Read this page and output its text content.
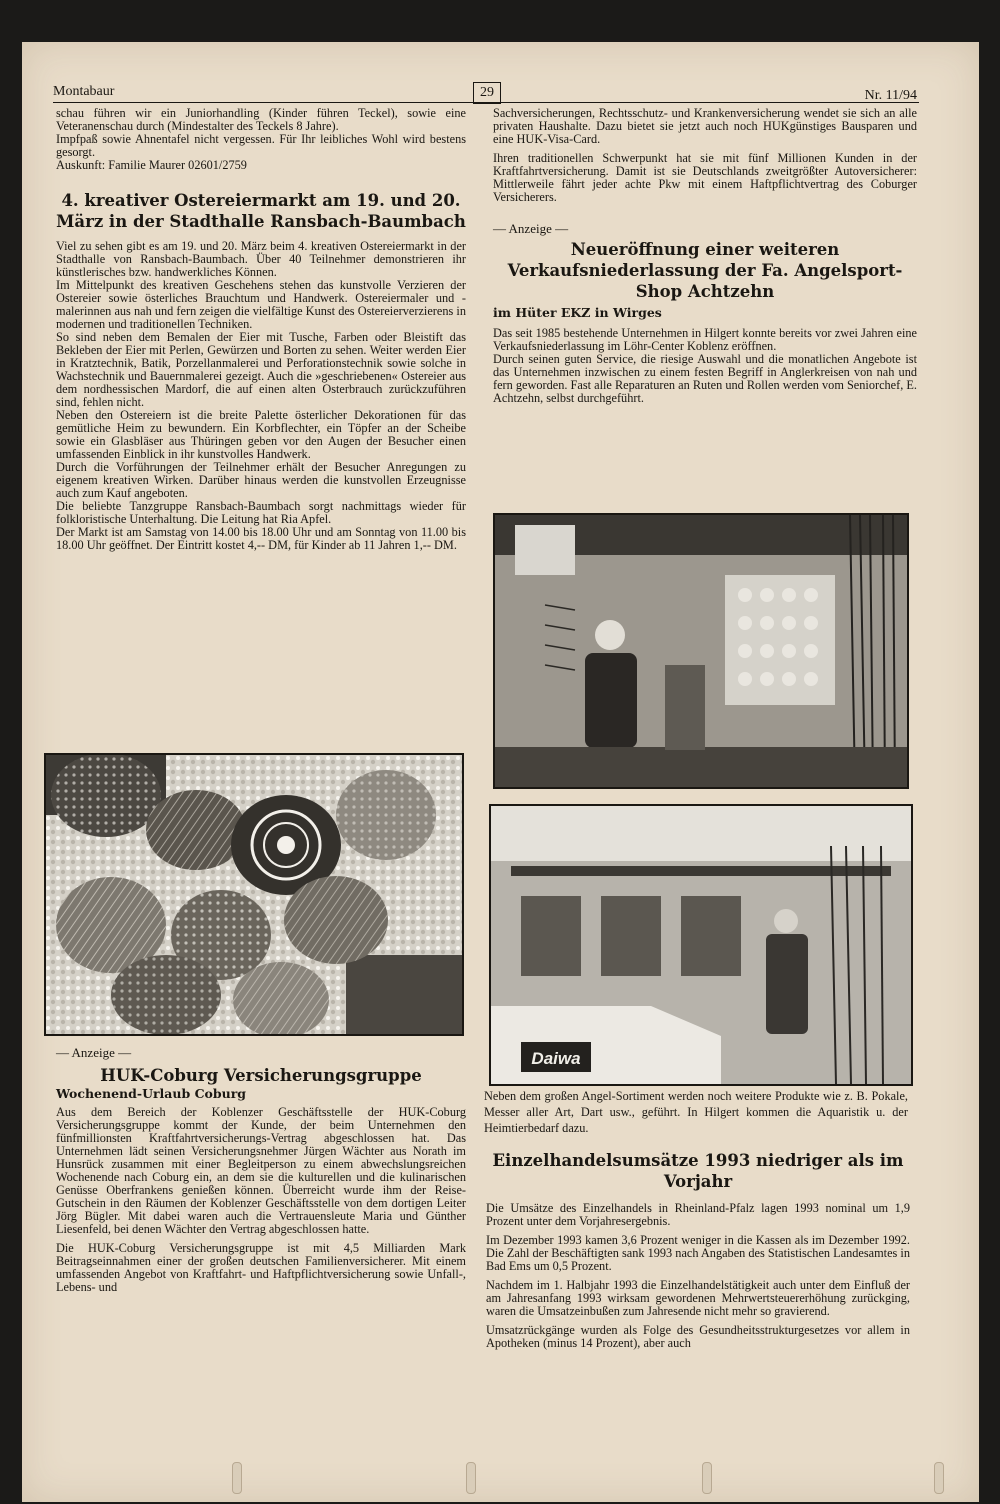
Montabaur	29	Nr. 11/94

schau führen wir ein Juniorhandling (Kinder führen Teckel), sowie eine Veteranenschau durch (Mindestalter des Teckels 8 Jahre).

Impfpaß sowie Ahnentafel nicht vergessen. Für Ihr leibliches Wohl wird bestens gesorgt.

Auskunft: Familie Maurer 02601/2759

4. kreativer Ostereiermarkt am 19. und 20. März in der Stadthalle Ransbach-Baumbach

Viel zu sehen gibt es am 19. und 20. März beim 4. kreativen Ostereiermarkt in der Stadthalle von Ransbach-Baumbach. Über 40 Teilnehmer demonstrieren ihr künstlerisches bzw. handwerkliches Können.

Im Mittelpunkt des kreativen Geschehens stehen das kunstvolle Verzieren der Ostereier sowie österliches Brauchtum und Handwerk. Ostereiermaler und -malerinnen aus nah und fern zeigen die vielfältige Kunst des Ostereierverzierens in modernen und traditionellen Techniken.

So sind neben dem Bemalen der Eier mit Tusche, Farben oder Bleistift das Bekleben der Eier mit Perlen, Gewürzen und Borten zu sehen. Weiter werden Eier in Kratztechnik, Batik, Porzellanmalerei und Perforationstechnik sowie solche in Wachstechnik und Bauernmalerei gezeigt. Auch die »geschriebenen« Ostereier aus dem nordhessischen Mardorf, die auf einen alten Osterbrauch zurückzuführen sind, fehlen nicht.

Neben den Ostereiern ist die breite Palette österlicher Dekorationen für das gemütliche Heim zu bewundern. Ein Korbflechter, ein Töpfer an der Scheibe sowie ein Glasbläser aus Thüringen geben vor den Augen der Besucher einen umfassenden Einblick in ihr kunstvolles Handwerk.

Durch die Vorführungen der Teilnehmer erhält der Besucher Anregungen zu eigenem kreativen Wirken. Darüber hinaus werden die kunstvollen Erzeugnisse auch zum Kauf angeboten.

Die beliebte Tanzgruppe Ransbach-Baumbach sorgt nachmittags wieder für folkloristische Unterhaltung. Die Leitung hat Ria Apfel.

Der Markt ist am Samstag von 14.00 bis 18.00 Uhr und am Sonntag von 11.00 bis 18.00 Uhr geöffnet. Der Eintritt kostet 4,-- DM, für Kinder ab 11 Jahren 1,-- DM.

— Anzeige —

HUK-Coburg Versicherungsgruppe

Wochenend-Urlaub Coburg

Aus dem Bereich der Koblenzer Geschäftsstelle der HUK-Coburg Versicherungsgruppe kommt der Kunde, der beim Unternehmen den fünfmillionsten Kraftfahrtversicherungs-Vertrag abgeschlossen hat. Das Unternehmen lädt seinen Versicherungsnehmer Jürgen Wächter aus Norath im Hunsrück zusammen mit einer Begleitperson zu einem abwechslungsreichen Wochenende nach Coburg ein, an dem sie die kulturellen und die kulinarischen Genüsse Oberfrankens genießen können. Überreicht wurde ihm der Reise-Gutschein in den Räumen der Koblenzer Geschäftsstelle von dem dortigen Leiter Jörg Bügler. Mit dabei waren auch die Vertrauensleute Maria und Günther Liesenfeld, bei denen Wächter den Vertrag abgeschlossen hatte.

Die HUK-Coburg Versicherungsgruppe ist mit 4,5 Milliarden Mark Beitragseinnahmen einer der großen deutschen Familienversicherer. Mit einem umfassenden Angebot von Kraftfahrt- und Haftpflichtversicherung sowie Unfall-, Lebens- und

Sachversicherungen, Rechtsschutz- und Krankenversicherung wendet sie sich an alle privaten Haushalte. Dazu bietet sie jetzt auch noch HUKgünstiges Bausparen und eine HUK-Visa-Card.

Ihren traditionellen Schwerpunkt hat sie mit fünf Millionen Kunden in der Kraftfahrtversicherung. Damit ist sie Deutschlands zweitgrößter Autoversicherer: Mittlerweile fährt jeder achte Pkw mit einem Haftpflichtvertrag des Coburger Versicherers.

— Anzeige —

Neueröffnung einer weiteren Verkaufsniederlassung der Fa. Angelsport-Shop Achtzehn

im Hüter EKZ in Wirges

Das seit 1985 bestehende Unternehmen in Hilgert konnte bereits vor zwei Jahren eine Verkaufsniederlassung im Löhr-Center Koblenz eröffnen.

Durch seinen guten Service, die riesige Auswahl und die monatlichen Angebote ist das Unternehmen inzwischen zu einem festen Begriff in Anglerkreisen von nah und fern geworden. Fast alle Reparaturen an Ruten und Rollen werden vom Seniorchef, E. Achtzehn, selbst durchgeführt.

Daiwa
Neben dem großen Angel-Sortiment werden noch weitere Produkte wie z. B. Pokale, Messer aller Art, Dart usw., geführt. In Hilgert kommen die Aquaristik u. der Heimtierbedarf dazu.
Einzelhandelsumsätze 1993 niedriger als im Vorjahr

Die Umsätze des Einzelhandels in Rheinland-Pfalz lagen 1993 nominal um 1,9 Prozent unter dem Vorjahresergebnis.

Im Dezember 1993 kamen 3,6 Prozent weniger in die Kassen als im Dezember 1992. Die Zahl der Beschäftigten sank 1993 nach Angaben des Statistischen Landesamtes in Bad Ems um 0,5 Prozent.

Nachdem im 1. Halbjahr 1993 die Einzelhandelstätigkeit auch unter dem Einfluß der am Jahresanfang 1993 wirksam gewordenen Mehrwertsteuererhöhung zurückging, waren die Umsatzeinbußen zum Jahresende nicht mehr so gravierend.

Umsatzrückgänge wurden als Folge des Gesundheitsstrukturgesetzes vor allem in Apotheken (minus 14 Prozent), aber auch
